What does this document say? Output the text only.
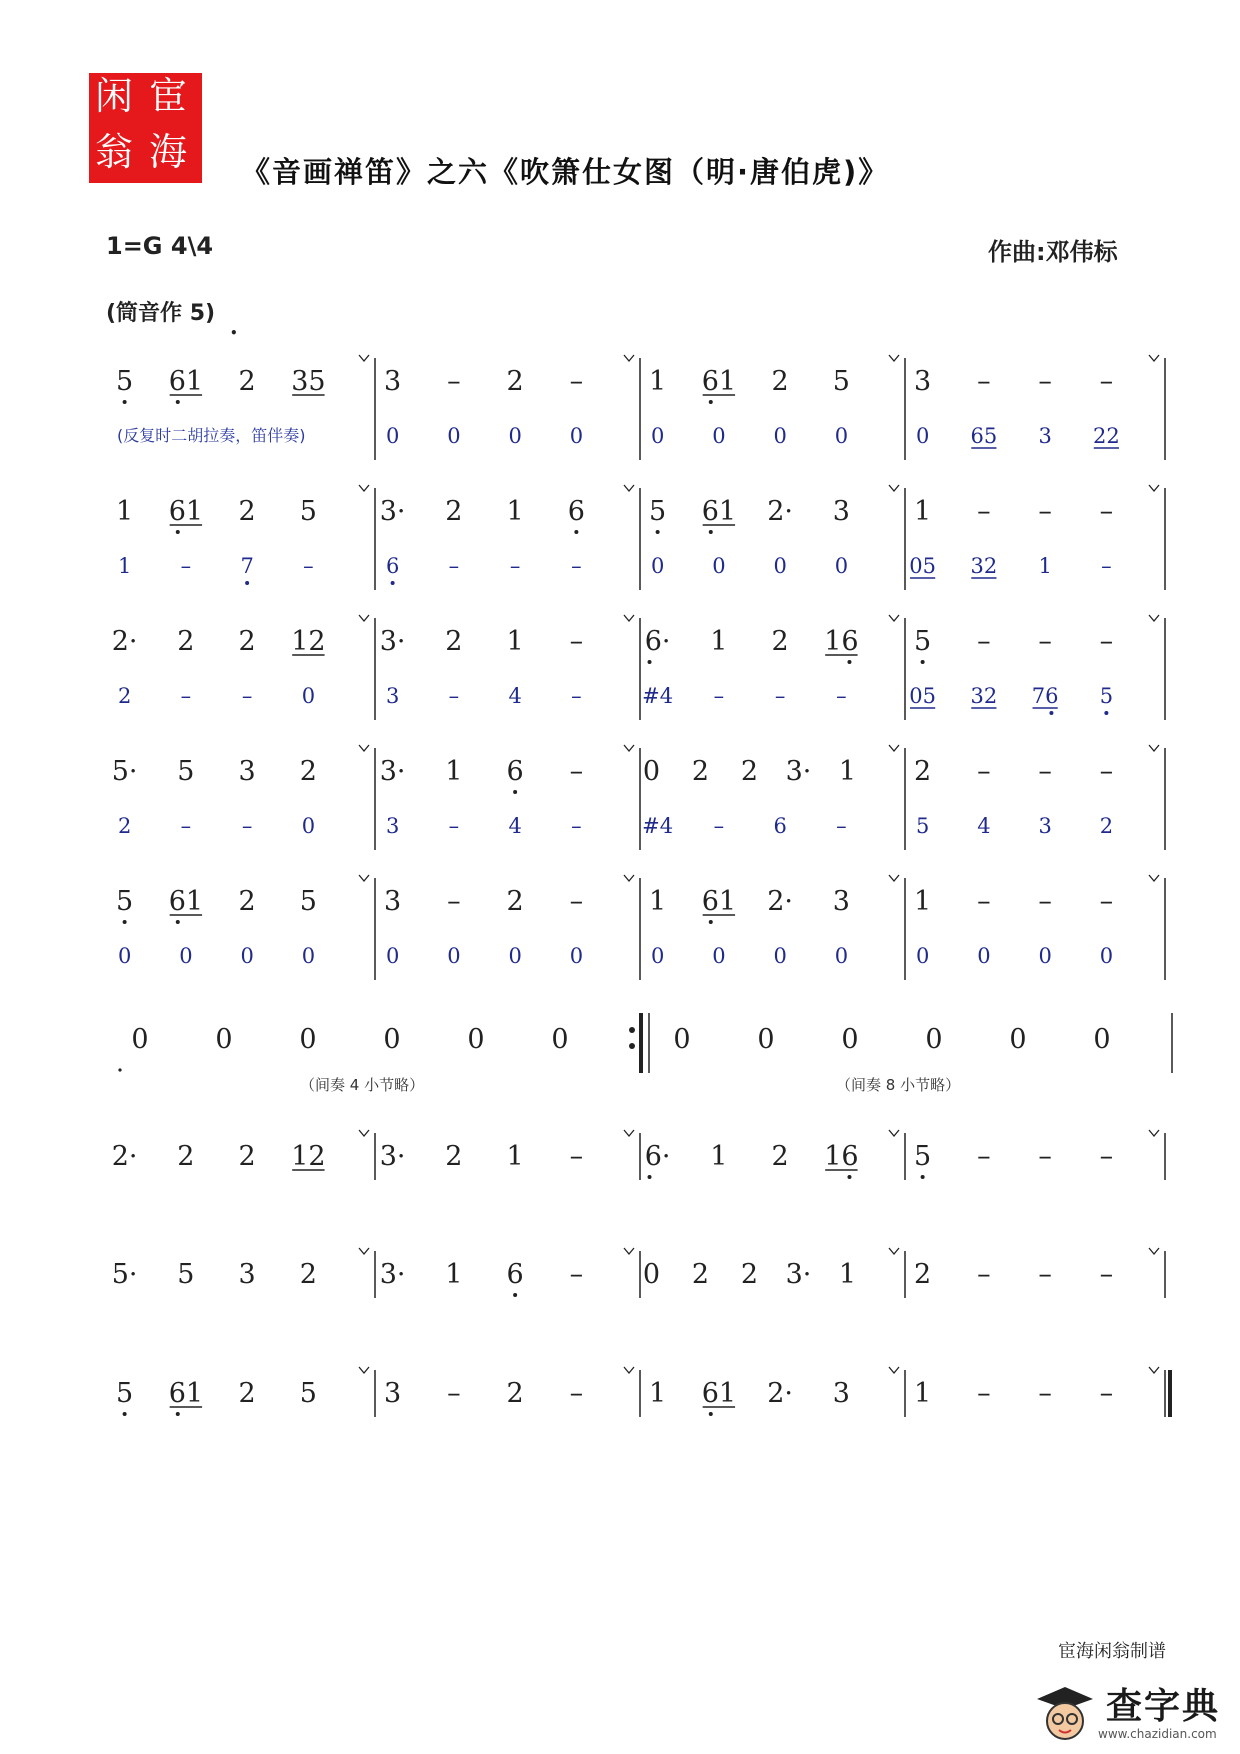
闲 宦
翁 海 《音画禅笛》之六《吹箫仕女图（明·唐伯虎)》
1=G 4\4	作曲:邓伟标
(筒音作 5)
•
5 61 2 35 3 – 2 – 1 61 2 5 3 – – –
(反复时二胡拉奏，笛伴奏)	0 0 0 0	0 0 0 0	0 65 3 22
1 61 2 5 3· 2 1 6 5 61 2· 3 1 – – –
1 – 7 –	6 – – –	0 0 0 0	05 32 1 –
2· 2 2 12 3· 2 1 – 6· 1 2 16 5 – – –
2 – – 0	3 – 4 –	#4 – – –	05 32 76 5
5· 5 3 2 3· 1 6 – 0 2 2 3· 1 2 – – –
2 – – 0	3 – 4 –	#4 – 6 –	5 4 3 2
5 61 2 5 3 – 2 – 1 61 2· 3 1 – – –
0 0 0 0	0 0 0 0	0 0 0 0	0 0 0 0
0 0 0 0 0 0	0 0 0 0 0 0
（间奏 4 小节略）	（间奏 8 小节略）
2· 2 2 12 3· 2 1 – 6· 1 2 16 5 – – –
5· 5 3 2 3· 1 6 – 0 2 2 3· 1 2 – – –
5 61 2 5 3 – 2 – 1 61 2· 3 1 – – –
宦海闲翁制谱
查字典
www.chazidian.com
